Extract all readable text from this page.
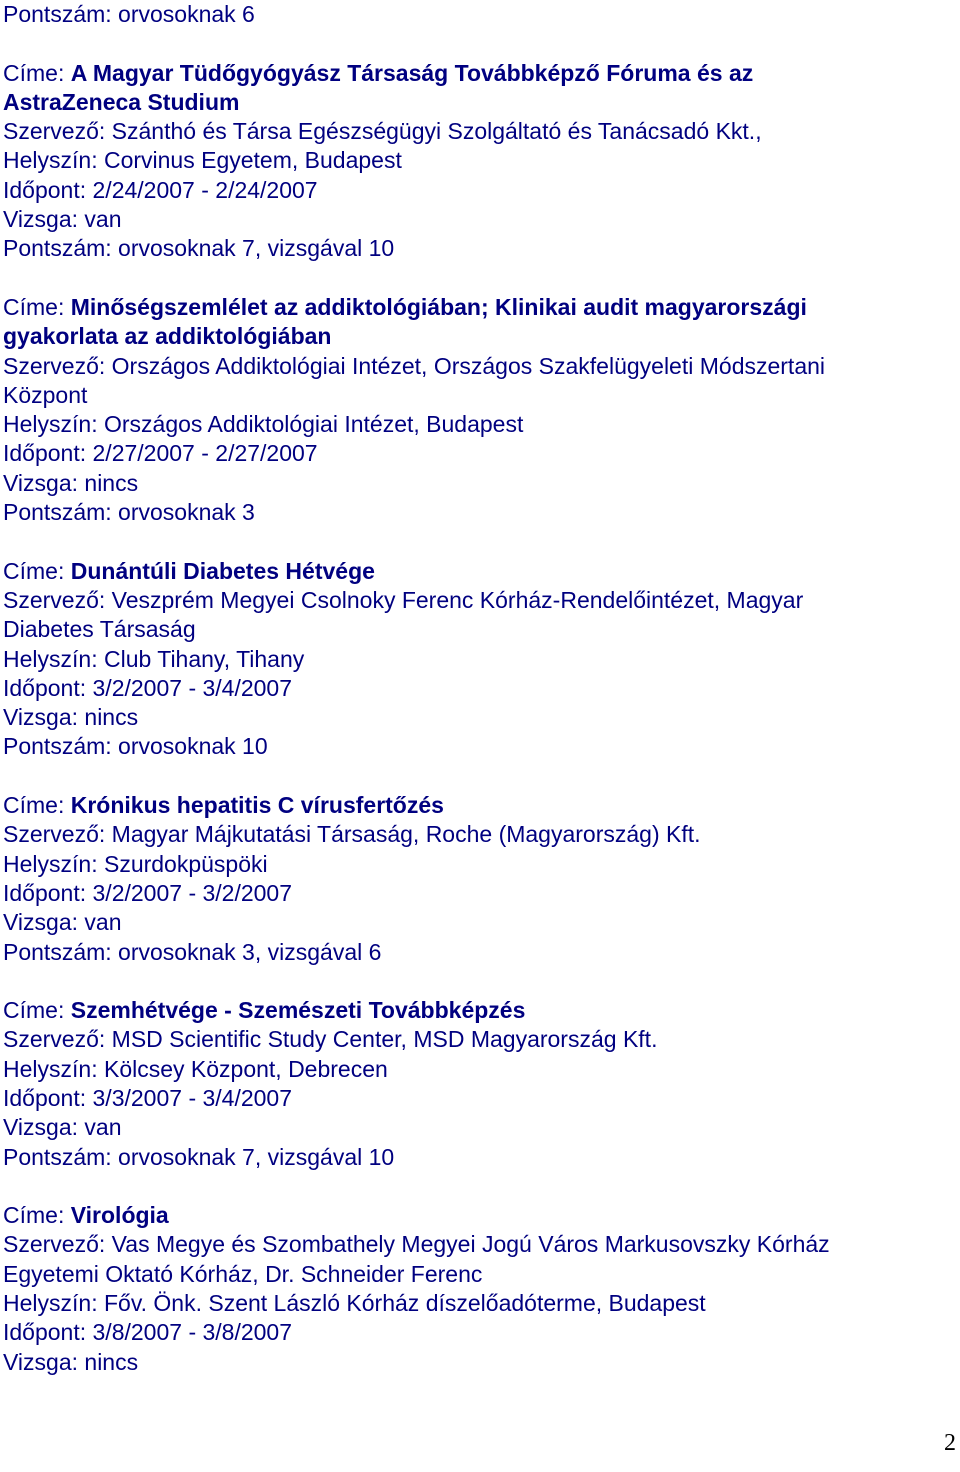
Pontszám: orvosoknak 6
Címe: A Magyar Tüdőgyógyász Társaság Továbbképző Fóruma és az
AstraZeneca Studium
Szervező: Szánthó és Társa Egészségügyi Szolgáltató és Tanácsadó Kkt.,
Helyszín: Corvinus Egyetem, Budapest
Időpont: 2/24/2007 - 2/24/2007
Vizsga: van
Pontszám: orvosoknak 7, vizsgával 10
Címe: Minőségszemlélet az addiktológiában; Klinikai audit magyarországi
gyakorlata az addiktológiában
Szervező: Országos Addiktológiai Intézet, Országos Szakfelügyeleti Módszertani
Központ
Helyszín: Országos Addiktológiai Intézet, Budapest
Időpont: 2/27/2007 - 2/27/2007
Vizsga: nincs
Pontszám: orvosoknak 3
Címe: Dunántúli Diabetes Hétvége
Szervező: Veszprém Megyei Csolnoky Ferenc Kórház-Rendelőintézet, Magyar
Diabetes Társaság
Helyszín: Club Tihany, Tihany
Időpont: 3/2/2007 - 3/4/2007
Vizsga: nincs
Pontszám: orvosoknak 10
Címe: Krónikus hepatitis C vírusfertőzés
Szervező: Magyar Májkutatási Társaság, Roche (Magyarország) Kft.
Helyszín: Szurdokpüspöki
Időpont: 3/2/2007 - 3/2/2007
Vizsga: van
Pontszám: orvosoknak 3, vizsgával 6
Címe: Szemhétvége - Szemészeti Továbbképzés
Szervező: MSD Scientific Study Center, MSD Magyarország Kft.
Helyszín: Kölcsey Központ, Debrecen
Időpont: 3/3/2007 - 3/4/2007
Vizsga: van
Pontszám: orvosoknak 7, vizsgával 10
Címe: Virológia
Szervező: Vas Megye és Szombathely Megyei Jogú Város Markusovszky Kórház
Egyetemi Oktató Kórház, Dr. Schneider Ferenc
Helyszín: Főv. Önk. Szent László Kórház díszelőadóterme, Budapest
Időpont: 3/8/2007 - 3/8/2007
Vizsga: nincs
2
